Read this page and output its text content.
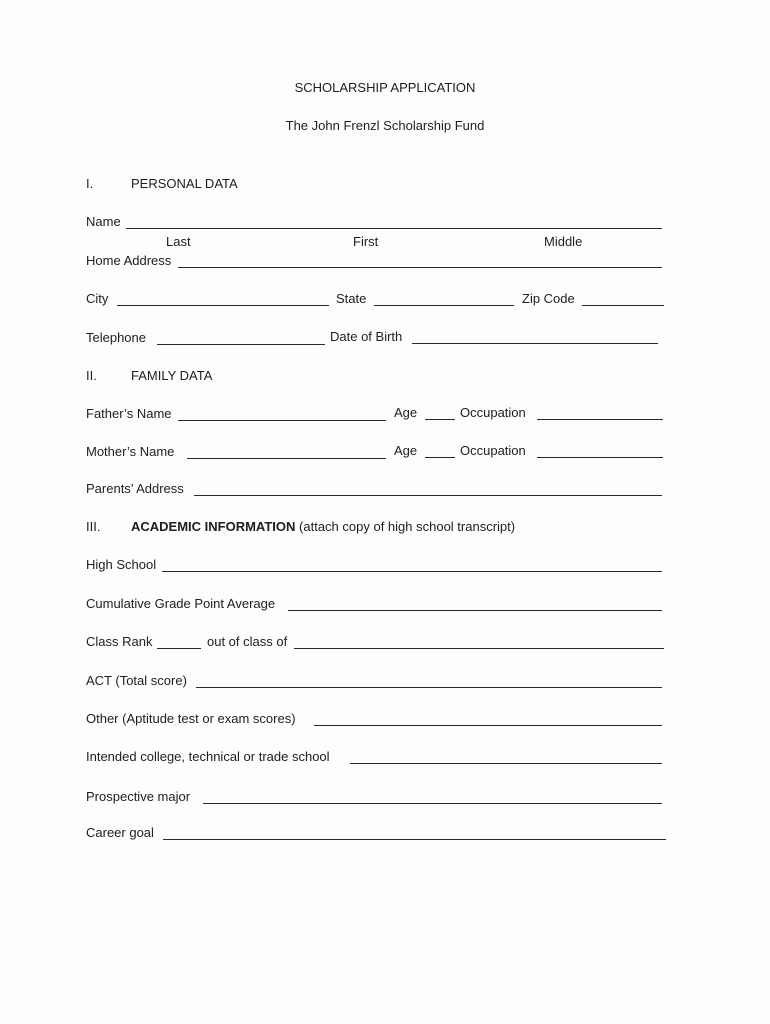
SCHOLARSHIP APPLICATION
The John Frenzl Scholarship Fund
I.	PERSONAL DATA
Name
Last	First	Middle
Home Address
City	State	Zip Code
Telephone	Date of Birth
II.	FAMILY DATA
Father’s Name	Age	Occupation
Mother’s Name	Age	Occupation
Parents’ Address
III. ACADEMIC INFORMATION (attach copy of high school transcript)
High School
Cumulative Grade Point Average
Class Rank	out of class of
ACT (Total score)
Other (Aptitude test or exam scores)
Intended college, technical or trade school
Prospective major
Career goal
